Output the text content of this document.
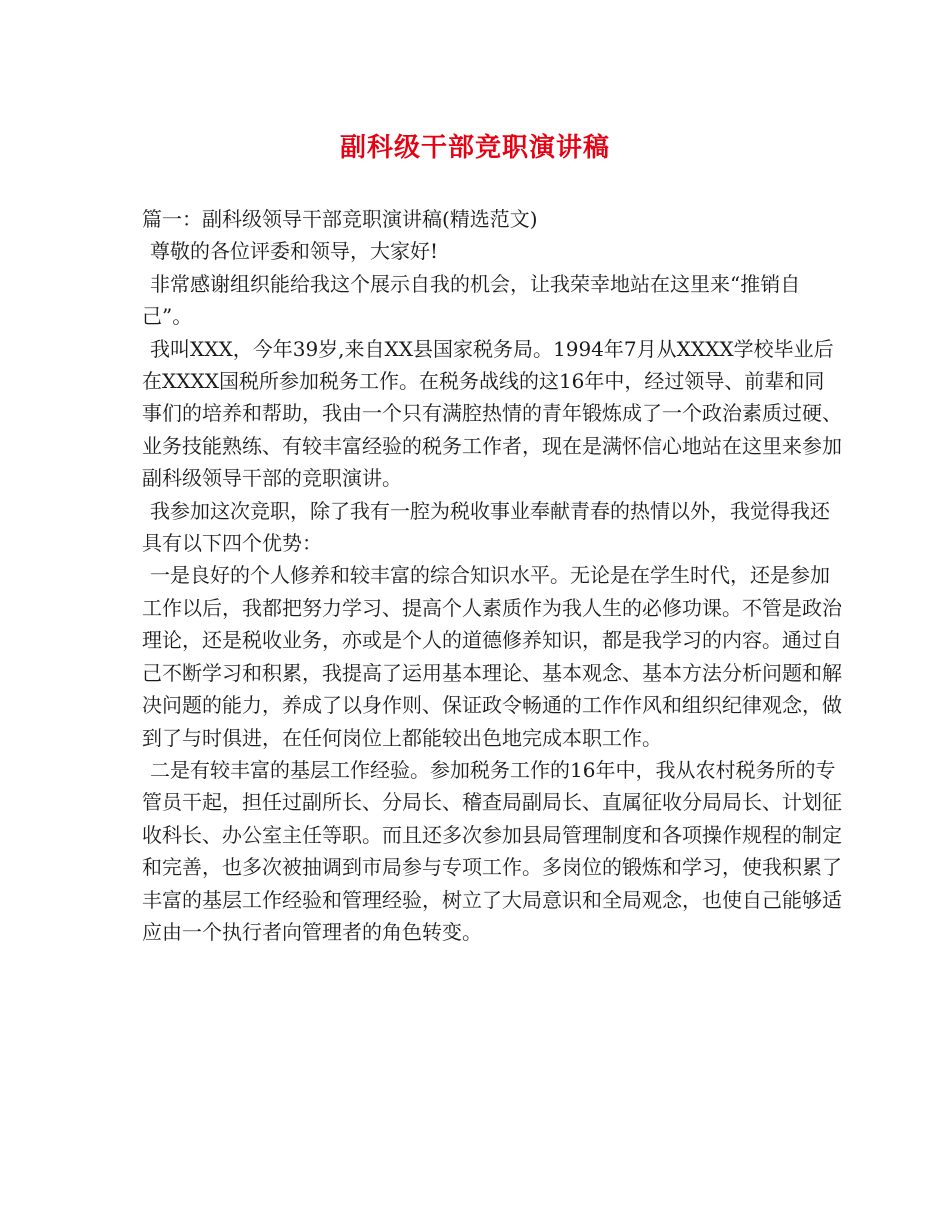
副科级干部竞职演讲稿

篇一：副科级领导干部竞职演讲稿(精选范文)

尊敬的各位评委和领导，大家好!

非常感谢组织能给我这个展示自我的机会，让我荣幸地站在这里来“推销自己”。

我叫XXX，今年39岁,来自XX县国家税务局。1994年7月从XXXX学校毕业后在XXXX国税所参加税务工作。在税务战线的这16年中，经过领导、前辈和同事们的培养和帮助，我由一个只有满腔热情的青年锻炼成了一个政治素质过硬、业务技能熟练、有较丰富经验的税务工作者，现在是满怀信心地站在这里来参加副科级领导干部的竞职演讲。

我参加这次竞职，除了我有一腔为税收事业奉献青春的热情以外，我觉得我还具有以下四个优势：

一是良好的个人修养和较丰富的综合知识水平。无论是在学生时代，还是参加工作以后，我都把努力学习、提高个人素质作为我人生的必修功课。不管是政治理论，还是税收业务，亦或是个人的道德修养知识，都是我学习的内容。通过自己不断学习和积累，我提高了运用基本理论、基本观念、基本方法分析问题和解决问题的能力，养成了以身作则、保证政令畅通的工作作风和组织纪律观念，做到了与时俱进，在任何岗位上都能较出色地完成本职工作。

二是有较丰富的基层工作经验。参加税务工作的16年中，我从农村税务所的专管员干起，担任过副所长、分局长、稽查局副局长、直属征收分局局长、计划征收科长、办公室主任等职。而且还多次参加县局管理制度和各项操作规程的制定和完善，也多次被抽调到市局参与专项工作。多岗位的锻炼和学习，使我积累了丰富的基层工作经验和管理经验，树立了大局意识和全局观念，也使自己能够适应由一个执行者向管理者的角色转变。
